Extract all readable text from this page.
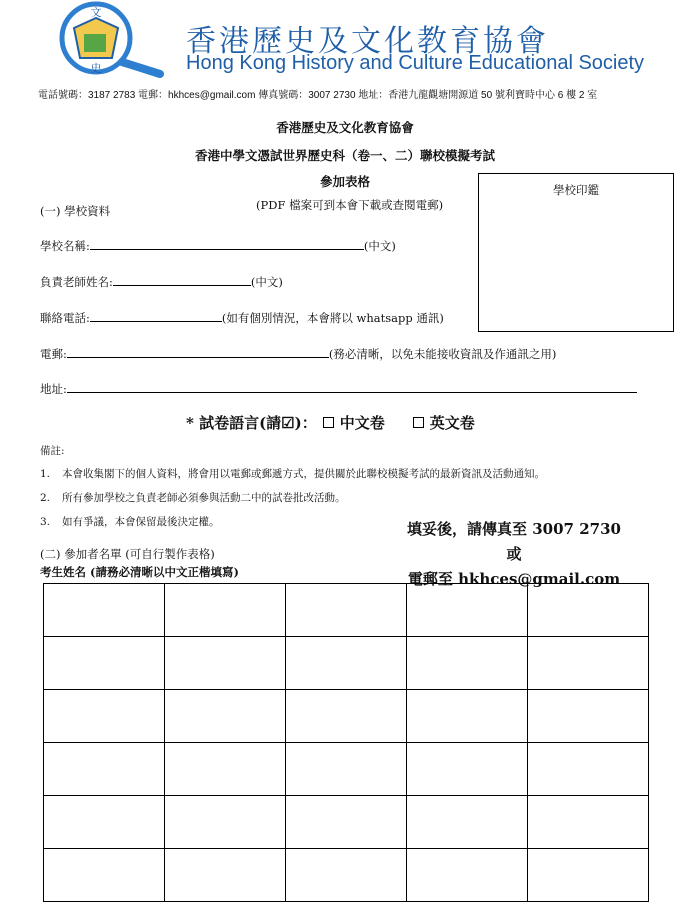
文
史
香港歷史及文化教育協會
Hong Kong History and Culture Educational Society
電話號碼：3187 2783 電郵：hkhces@gmail.com 傳真號碼：3007 2730 地址：香港九龍觀塘開源道 50 號利寶時中心 6 樓 2 室
香港歷史及文化教育協會
香港中學文憑試世界歷史科（卷一、二）聯校模擬考試
參加表格
(PDF 檔案可到本會下載或查閱電郵)
學校印鑑
(一) 學校資料
學校名稱:	(中文)
負責老師姓名:	(中文)
聯絡電話:	(如有個別情況，本會將以 whatsapp 通訊)
電郵:	(務必清晰，以免未能接收資訊及作通訊之用)
地址:
* 試卷語言(請☑)： 中文卷	英文卷
備註:
1. 本會收集閣下的個人資料，將會用以電郵或郵遞方式，提供關於此聯校模擬考試的最新資訊及活動通知。
2. 所有參加學校之負責老師必須參與活動二中的試卷批改活動。
3. 如有爭議，本會保留最後決定權。	填妥後，請傳真至 3007 2730 或
電郵至 hkhces@gmail.com
(二) 參加者名單 (可自行製作表格)
考生姓名 (請務必清晰以中文正楷填寫)
